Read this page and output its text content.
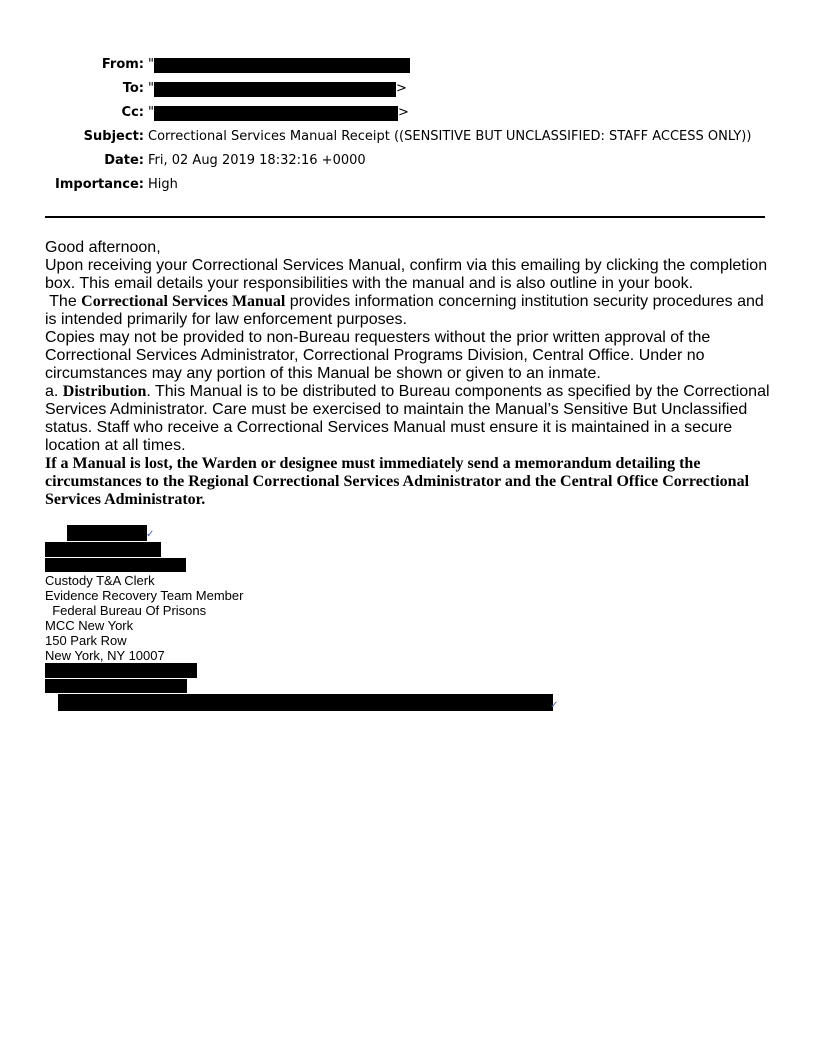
From: "
To: "	>
Cc: "	>
Subject: Correctional Services Manual Receipt ((SENSITIVE BUT UNCLASSIFIED: STAFF ACCESS ONLY))
Date: Fri, 02 Aug 2019 18:32:16 +0000
Importance: High

Good afternoon,

Upon receiving your Correctional Services Manual, confirm via this emailing by clicking the completion box. This email details your responsibilities with the manual and is also outline in your book.

The Correctional Services Manual provides information concerning institution security procedures and is intended primarily for law enforcement purposes.

Copies may not be provided to non-Bureau requesters without the prior written approval of the Correctional Services Administrator, Correctional Programs Division, Central Office. Under no circumstances may any portion of this Manual be shown or given to an inmate.

a. Distribution. This Manual is to be distributed to Bureau components as specified by the Correctional Services Administrator. Care must be exercised to maintain the Manual’s Sensitive But Unclassified status. Staff who receive a Correctional Services Manual must ensure it is maintained in a secure location at all times.

If a Manual is lost, the Warden or designee must immediately send a memorandum detailing the circumstances to the Regional Correctional Services Administrator and the Central Office Correctional Services Administrator.

✓
Custody T&A Clerk
Evidence Recovery Team Member
Federal Bureau Of Prisons
MCC New York
150 Park Row
New York, NY 10007
✓
